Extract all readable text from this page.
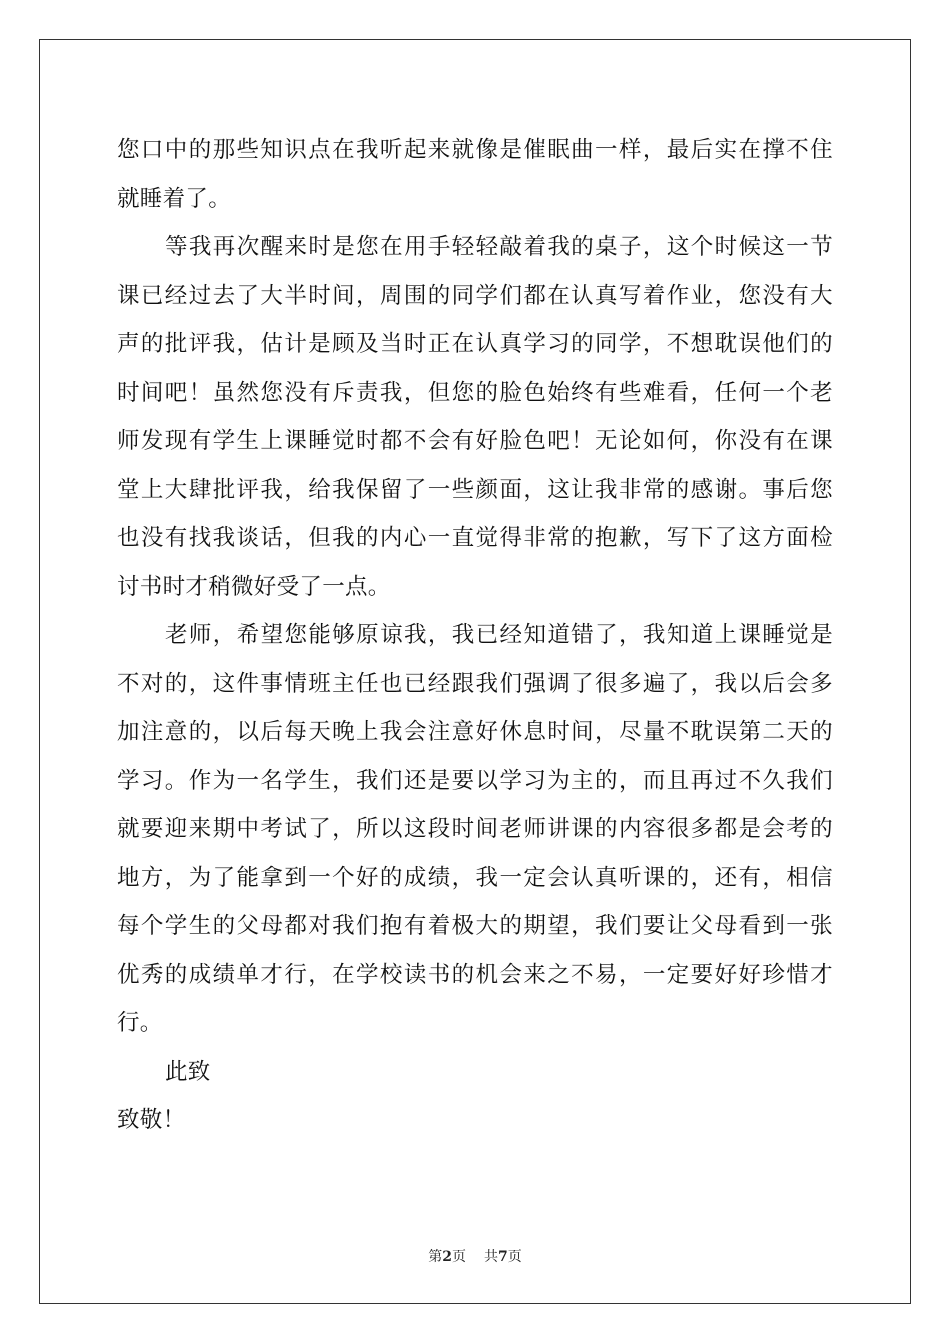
您口中的那些知识点在我听起来就像是催眠曲一样，最后实在撑不住
就睡着了。
等我再次醒来时是您在用手轻轻敲着我的桌子，这个时候这一节
课已经过去了大半时间，周围的同学们都在认真写着作业，您没有大
声的批评我，估计是顾及当时正在认真学习的同学，不想耽误他们的
时间吧！虽然您没有斥责我，但您的脸色始终有些难看，任何一个老
师发现有学生上课睡觉时都不会有好脸色吧！无论如何，你没有在课
堂上大肆批评我，给我保留了一些颜面，这让我非常的感谢。事后您
也没有找我谈话，但我的内心一直觉得非常的抱歉，写下了这方面检
讨书时才稍微好受了一点。
老师，希望您能够原谅我，我已经知道错了，我知道上课睡觉是
不对的，这件事情班主任也已经跟我们强调了很多遍了，我以后会多
加注意的，以后每天晚上我会注意好休息时间，尽量不耽误第二天的
学习。作为一名学生，我们还是要以学习为主的，而且再过不久我们
就要迎来期中考试了，所以这段时间老师讲课的内容很多都是会考的
地方，为了能拿到一个好的成绩，我一定会认真听课的，还有，相信
每个学生的父母都对我们抱有着极大的期望，我们要让父母看到一张
优秀的成绩单才行，在学校读书的机会来之不易，一定要好好珍惜才
行。
此致
致敬！
第2页 共7页
